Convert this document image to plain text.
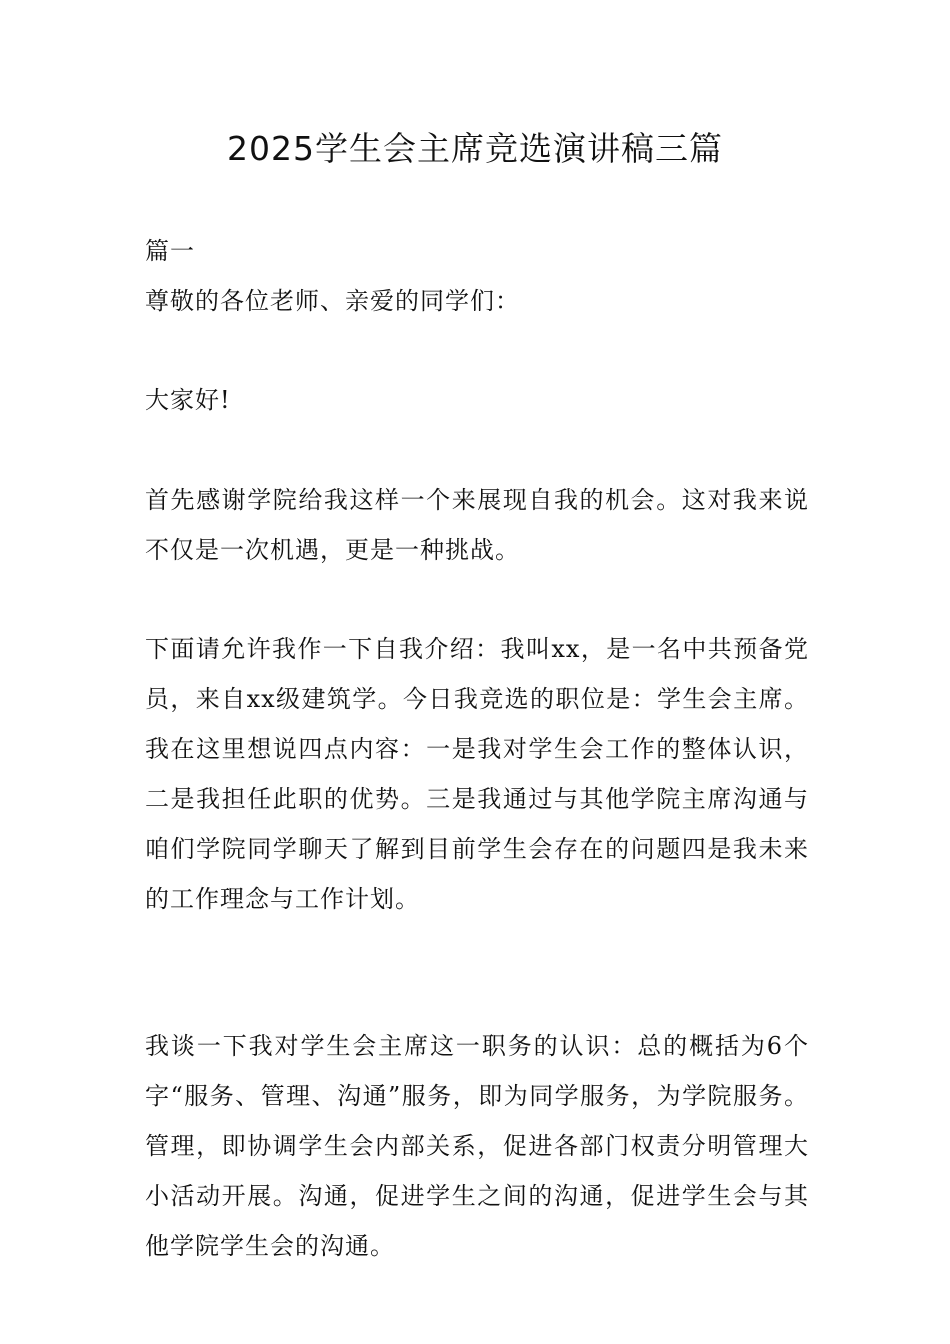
2025学生会主席竞选演讲稿三篇

篇一

尊敬的各位老师、亲爱的同学们：

大家好!

首先感谢学院给我这样一个来展现自我的机会。这对我来说不仅是一次机遇，更是一种挑战。

下面请允许我作一下自我介绍：我叫xx，是一名中共预备党员，来自xx级建筑学。今日我竞选的职位是：学生会主席。我在这里想说四点内容：一是我对学生会工作的整体认识，二是我担任此职的优势。三是我通过与其他学院主席沟通与咱们学院同学聊天了解到目前学生会存在的问题四是我未来的工作理念与工作计划。

我谈一下我对学生会主席这一职务的认识：总的概括为6个字“服务、管理、沟通”服务，即为同学服务，为学院服务。管理，即协调学生会内部关系，促进各部门权责分明管理大小活动开展。沟通，促进学生之间的沟通，促进学生会与其他学院学生会的沟通。
